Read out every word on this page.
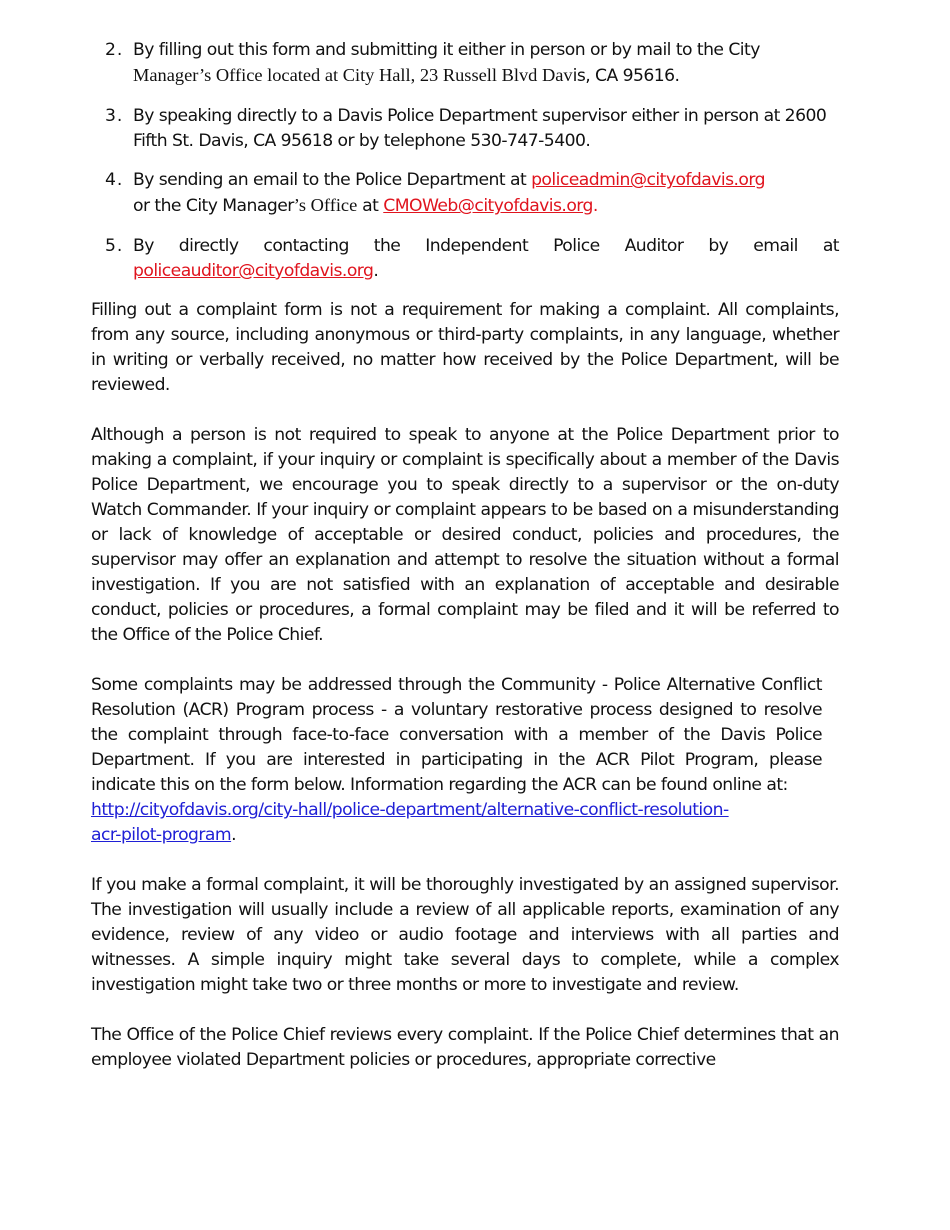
2. By filling out this form and submitting it either in person or by mail to the City
Manager’s Office located at City Hall, 23 Russell Blvd Davis, CA 95616.
3. By speaking directly to a Davis Police Department supervisor either in person at 2600 Fifth St. Davis, CA 95618 or by telephone 530-747-5400.
4. By sending an email to the Police Department at policeadmin@cityofdavis.org
or the City Manager’s Office at CMOWeb@cityofdavis.org.
5. By directly contacting the Independent Police Auditor by email at
policeauditor@cityofdavis.org.

Filling out a complaint form is not a requirement for making a complaint. All complaints, from any source, including anonymous or third-party complaints, in any language, whether in writing or verbally received, no matter how received by the Police Department, will be reviewed.

Although a person is not required to speak to anyone at the Police Department prior to making a complaint, if your inquiry or complaint is specifically about a member of the Davis Police Department, we encourage you to speak directly to a supervisor or the on-duty Watch Commander. If your inquiry or complaint appears to be based on a misunderstanding or lack of knowledge of acceptable or desired conduct, policies and procedures, the supervisor may offer an explanation and attempt to resolve the situation without a formal investigation. If you are not satisfied with an explanation of acceptable and desirable conduct, policies or procedures, a formal complaint may be filed and it will be referred to the Office of the Police Chief.

Some complaints may be addressed through the Community - Police Alternative Conflict Resolution (ACR) Program process - a voluntary restorative process designed to resolve the complaint through face-to-face conversation with a member of the Davis Police Department. If you are interested in participating in the ACR Pilot Program, please indicate this on the form below. Information regarding the ACR can be found online at:
http://cityofdavis.org/city-hall/police-department/alternative-conflict-resolution-
acr-pilot-program.

If you make a formal complaint, it will be thoroughly investigated by an assigned supervisor. The investigation will usually include a review of all applicable reports, examination of any evidence, review of any video or audio footage and interviews with all parties and witnesses. A simple inquiry might take several days to complete, while a complex investigation might take two or three months or more to investigate and review.

The Office of the Police Chief reviews every complaint. If the Police Chief determines that an employee violated Department policies or procedures, appropriate corrective
